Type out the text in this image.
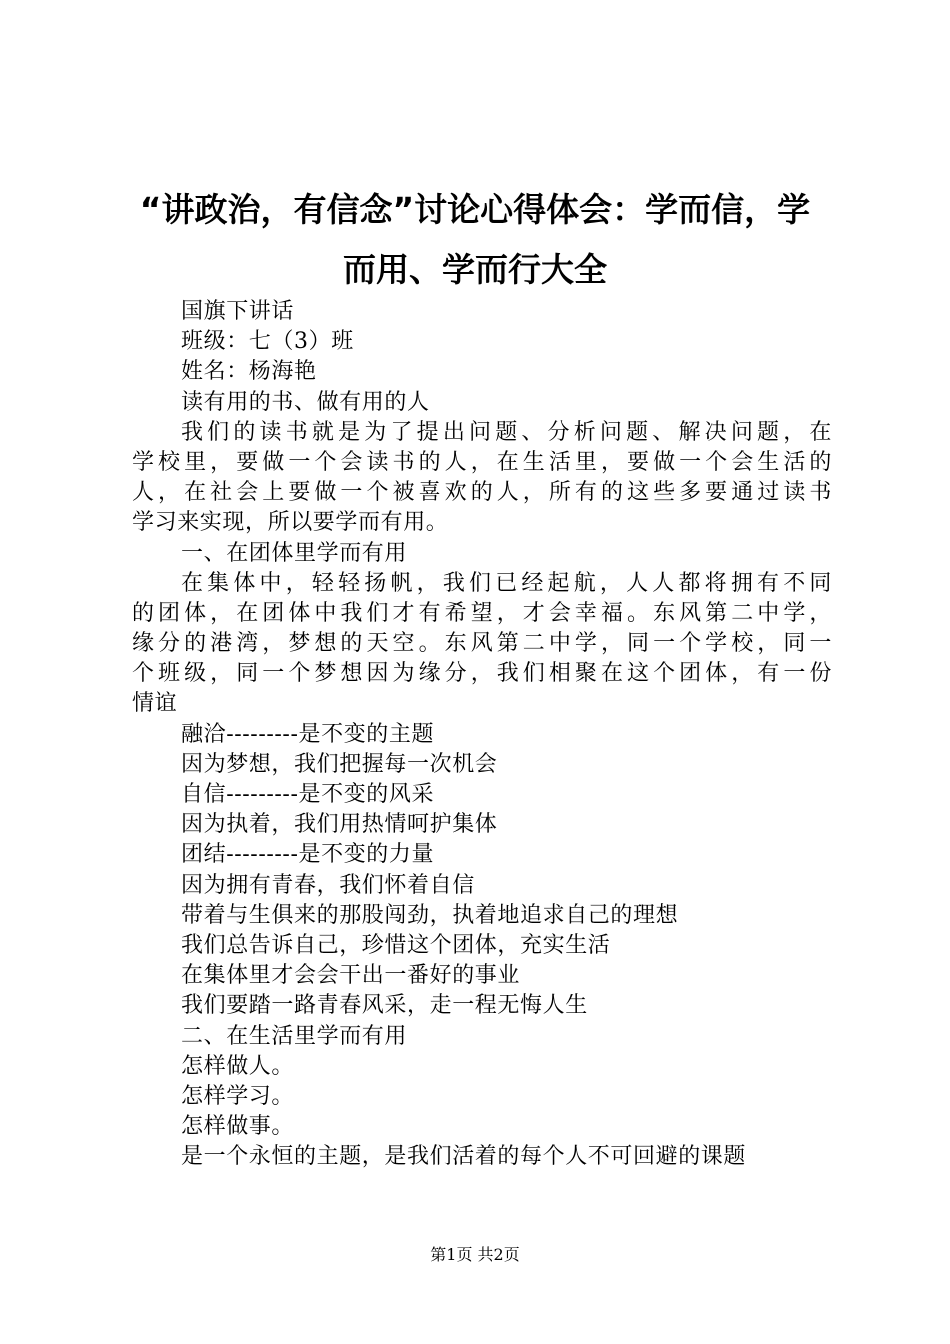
“讲政治，有信念”讨论心得体会：学而信，学
而用、学而行大全
国旗下讲话
班级：七（3）班
姓名：杨海艳
读有用的书、做有用的人
我们的读书就是为了提出问题、分析问题、解决问题，在
学校里，要做一个会读书的人，在生活里，要做一个会生活的
人，在社会上要做一个被喜欢的人，所有的这些多要通过读书
学习来实现，所以要学而有用。
一、在团体里学而有用
在集体中，轻轻扬帆，我们已经起航，人人都将拥有不同
的团体，在团体中我们才有希望，才会幸福。东风第二中学，
缘分的港湾，梦想的天空。东风第二中学，同一个学校，同一
个班级，同一个梦想因为缘分，我们相聚在这个团体，有一份
情谊
融洽---------是不变的主题
因为梦想，我们把握每一次机会
自信---------是不变的风采
因为执着，我们用热情呵护集体
团结---------是不变的力量
因为拥有青春，我们怀着自信
带着与生俱来的那股闯劲，执着地追求自己的理想
我们总告诉自己，珍惜这个团体，充实生活
在集体里才会会干出一番好的事业
我们要踏一路青春风采，走一程无悔人生
二、在生活里学而有用
怎样做人。
怎样学习。
怎样做事。
是一个永恒的主题，是我们活着的每个人不可回避的课题
第1页 共2页
